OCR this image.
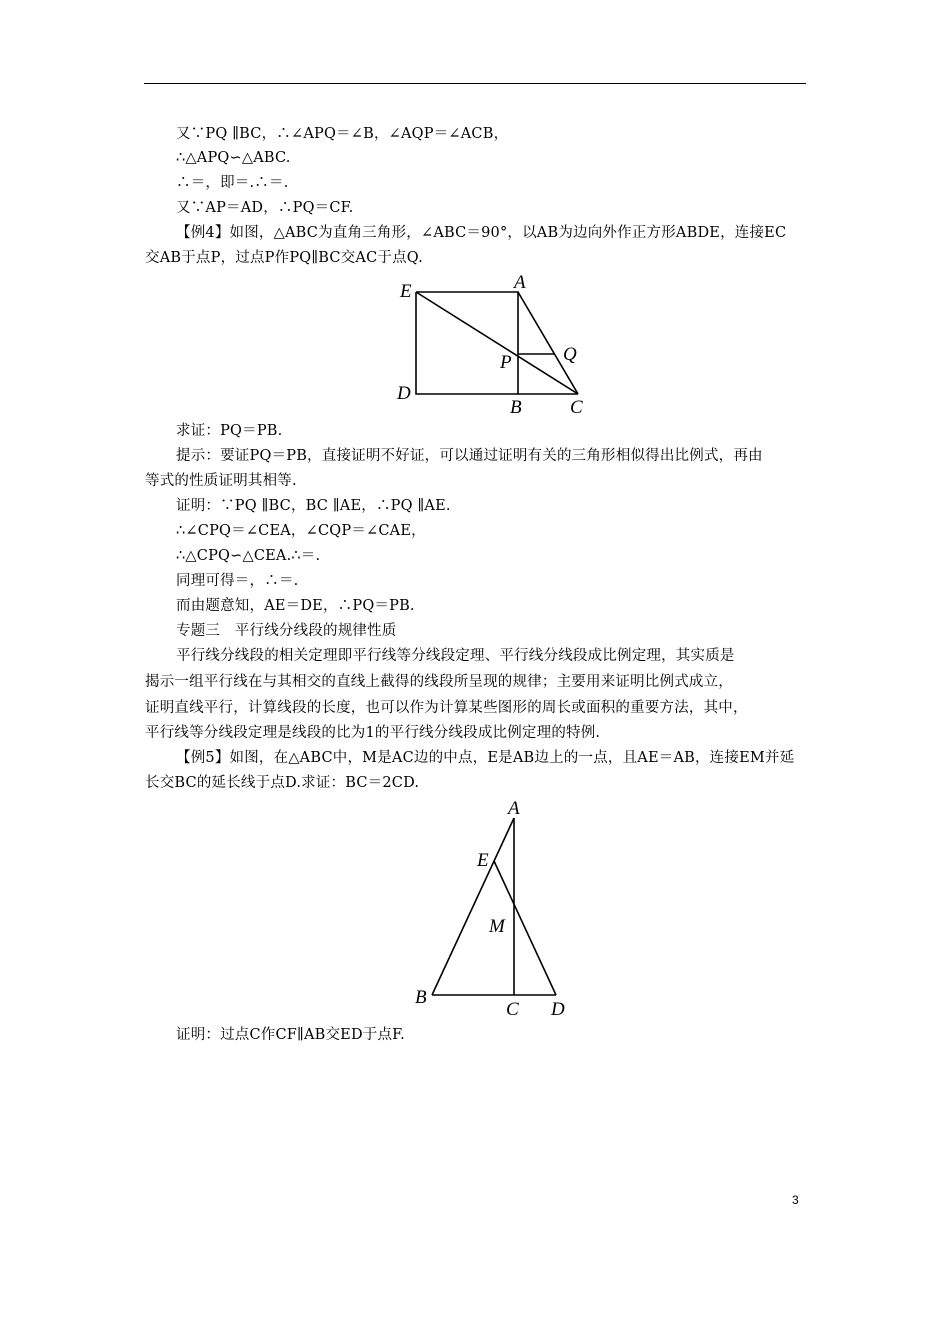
又∵PQ ∥BC，∴∠APQ＝∠B，∠AQP＝∠ACB，
∴△APQ∽△ABC.
∴＝，即＝.∴＝.
又∵AP＝AD，∴PQ＝CF.
【例4】如图，△ABC为直角三角形，∠ABC＝90°，以AB为边向外作正方形ABDE，连接EC
交AB于点P，过点P作PQ∥BC交AC于点Q.
E	A
Q
P
D
B	C
求证：PQ＝PB.
提示：要证PQ＝PB，直接证明不好证，可以通过证明有关的三角形相似得出比例式，再由
等式的性质证明其相等.
证明：∵PQ ∥BC，BC ∥AE，∴PQ ∥AE.
∴∠CPQ＝∠CEA，∠CQP＝∠CAE，
∴△CPQ∽△CEA.∴＝.
同理可得＝，∴＝.
而由题意知，AE＝DE，∴PQ＝PB.
专题三　平行线分线段的规律性质
平行线分线段的相关定理即平行线等分线段定理、平行线分线段成比例定理，其实质是
揭示一组平行线在与其相交的直线上截得的线段所呈现的规律；主要用来证明比例式成立，
证明直线平行，计算线段的长度，也可以作为计算某些图形的周长或面积的重要方法，其中，
平行线等分线段定理是线段的比为1的平行线分线段成比例定理的特例.
【例5】如图，在△ABC中，M是AC边的中点，E是AB边上的一点，且AE＝AB，连接EM并延
长交BC的延长线于点D.求证：BC＝2CD.
A
E
M
B
C D
证明：过点C作CF∥AB交ED于点F.
3
